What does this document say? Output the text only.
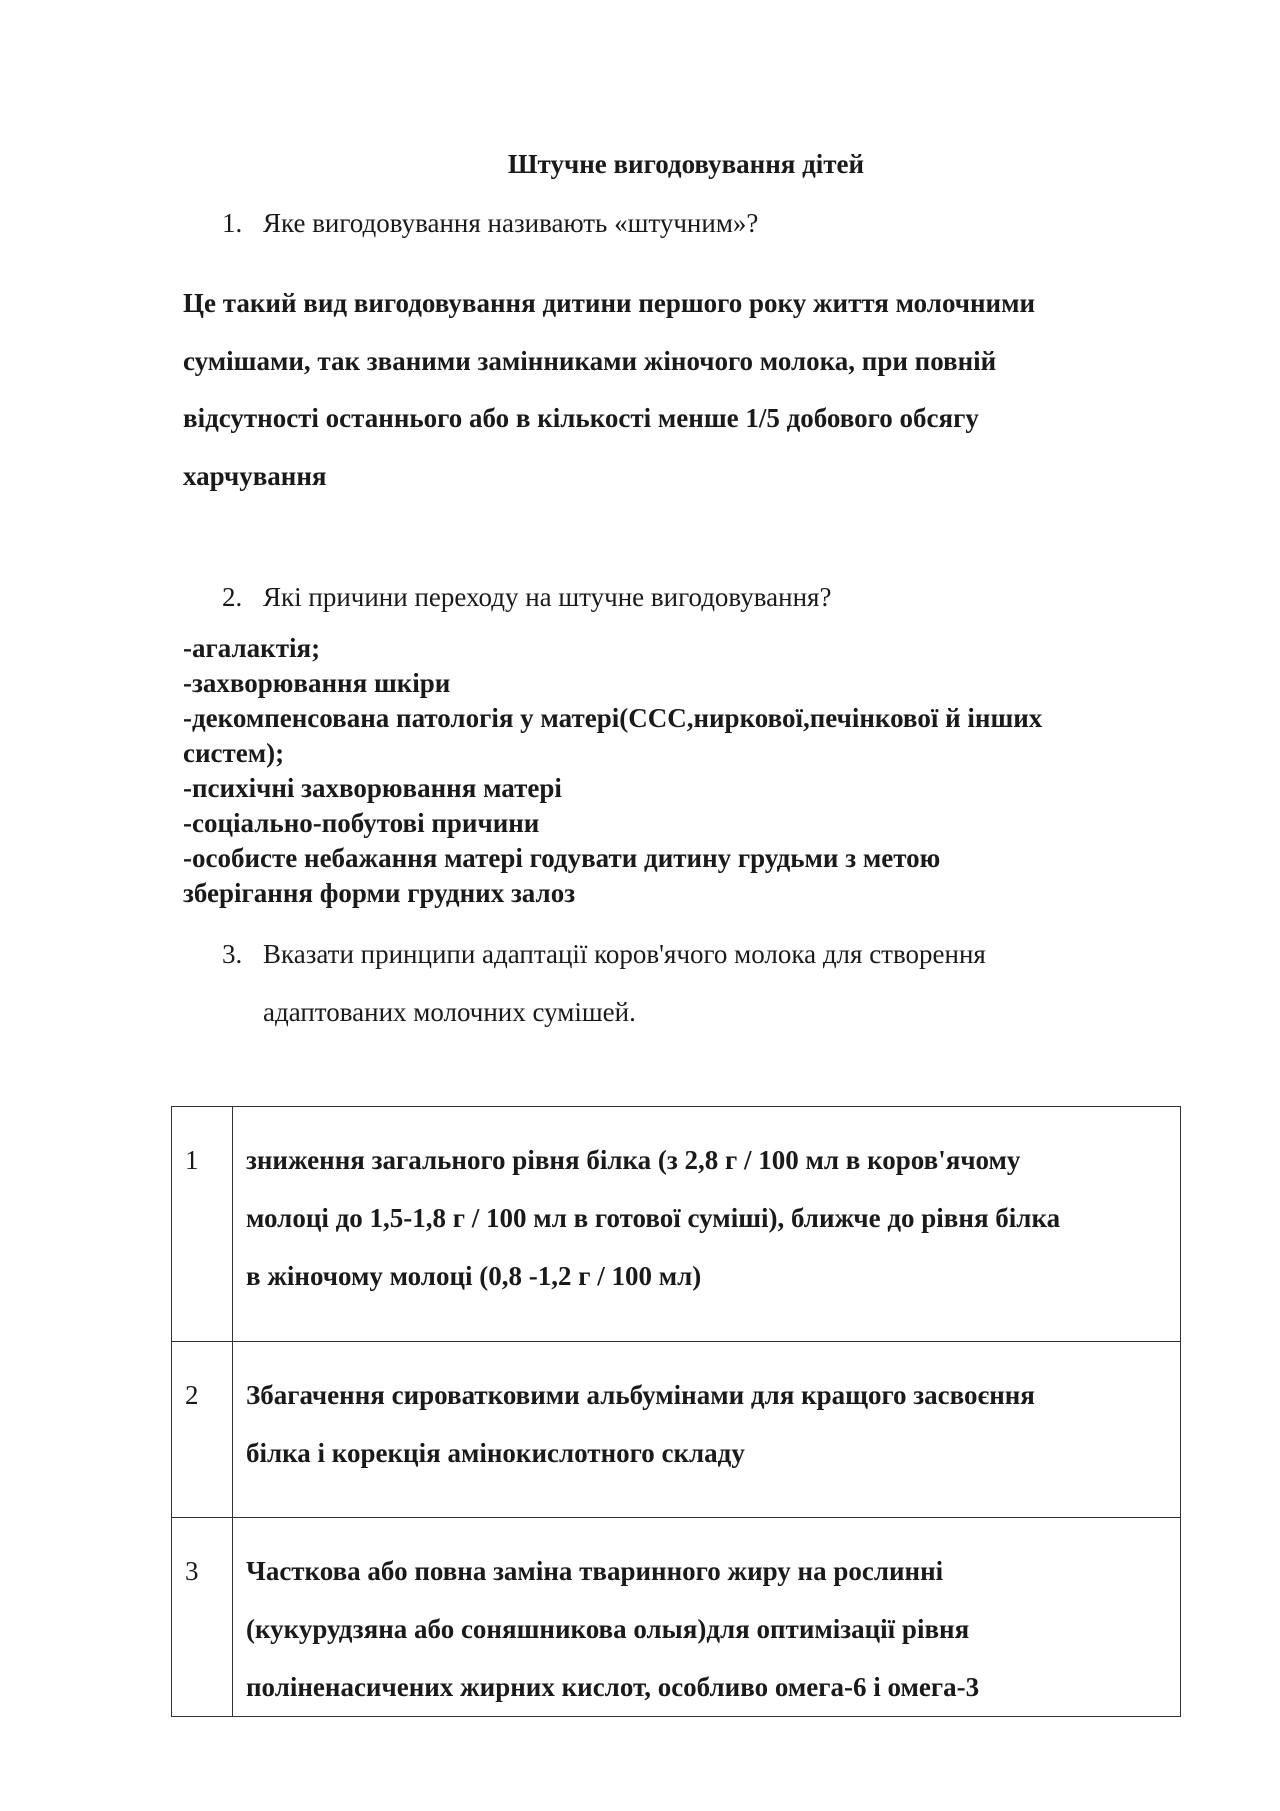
Штучне вигодовування дітей
1. Яке вигодовування називають «штучним»?
Це такий вид вигодовування дитини першого року життя молочними
сумішами, так званими замінниками жіночого молока, при повній
відсутності останнього або в кількості менше 1/5 добового обсягу
харчування
2. Які причини переходу на штучне вигодовування?
-агалактія;
-захворювання шкіри
-декомпенсована патологія у матері(ССС,ниркової,печінкової й інших
систем);
-психічні захворювання матері
-соціально-побутові причини
-особисте небажання матері годувати дитину грудьми з метою
зберігання форми грудних залоз
3. Вказати принципи адаптації коров'ячого молока для створення
адаптованих молочних сумішей.
1	зниження загального рівня білка (з 2,8 г / 100 мл в коров'ячому
молоці до 1,5-1,8 г / 100 мл в готової суміші), ближче до рівня білка
в жіночому молоці (0,8 -1,2 г / 100 мл)

2	Збагачення сироватковими альбумінами для кращого засвоєння
білка і корекція амінокислотного складу

3	Часткова або повна заміна тваринного жиру на рослинні
(кукурудзяна або соняшникова олыя)для оптимізації рівня
поліненасичених жирних кислот, особливо омега-6 і омега-3
